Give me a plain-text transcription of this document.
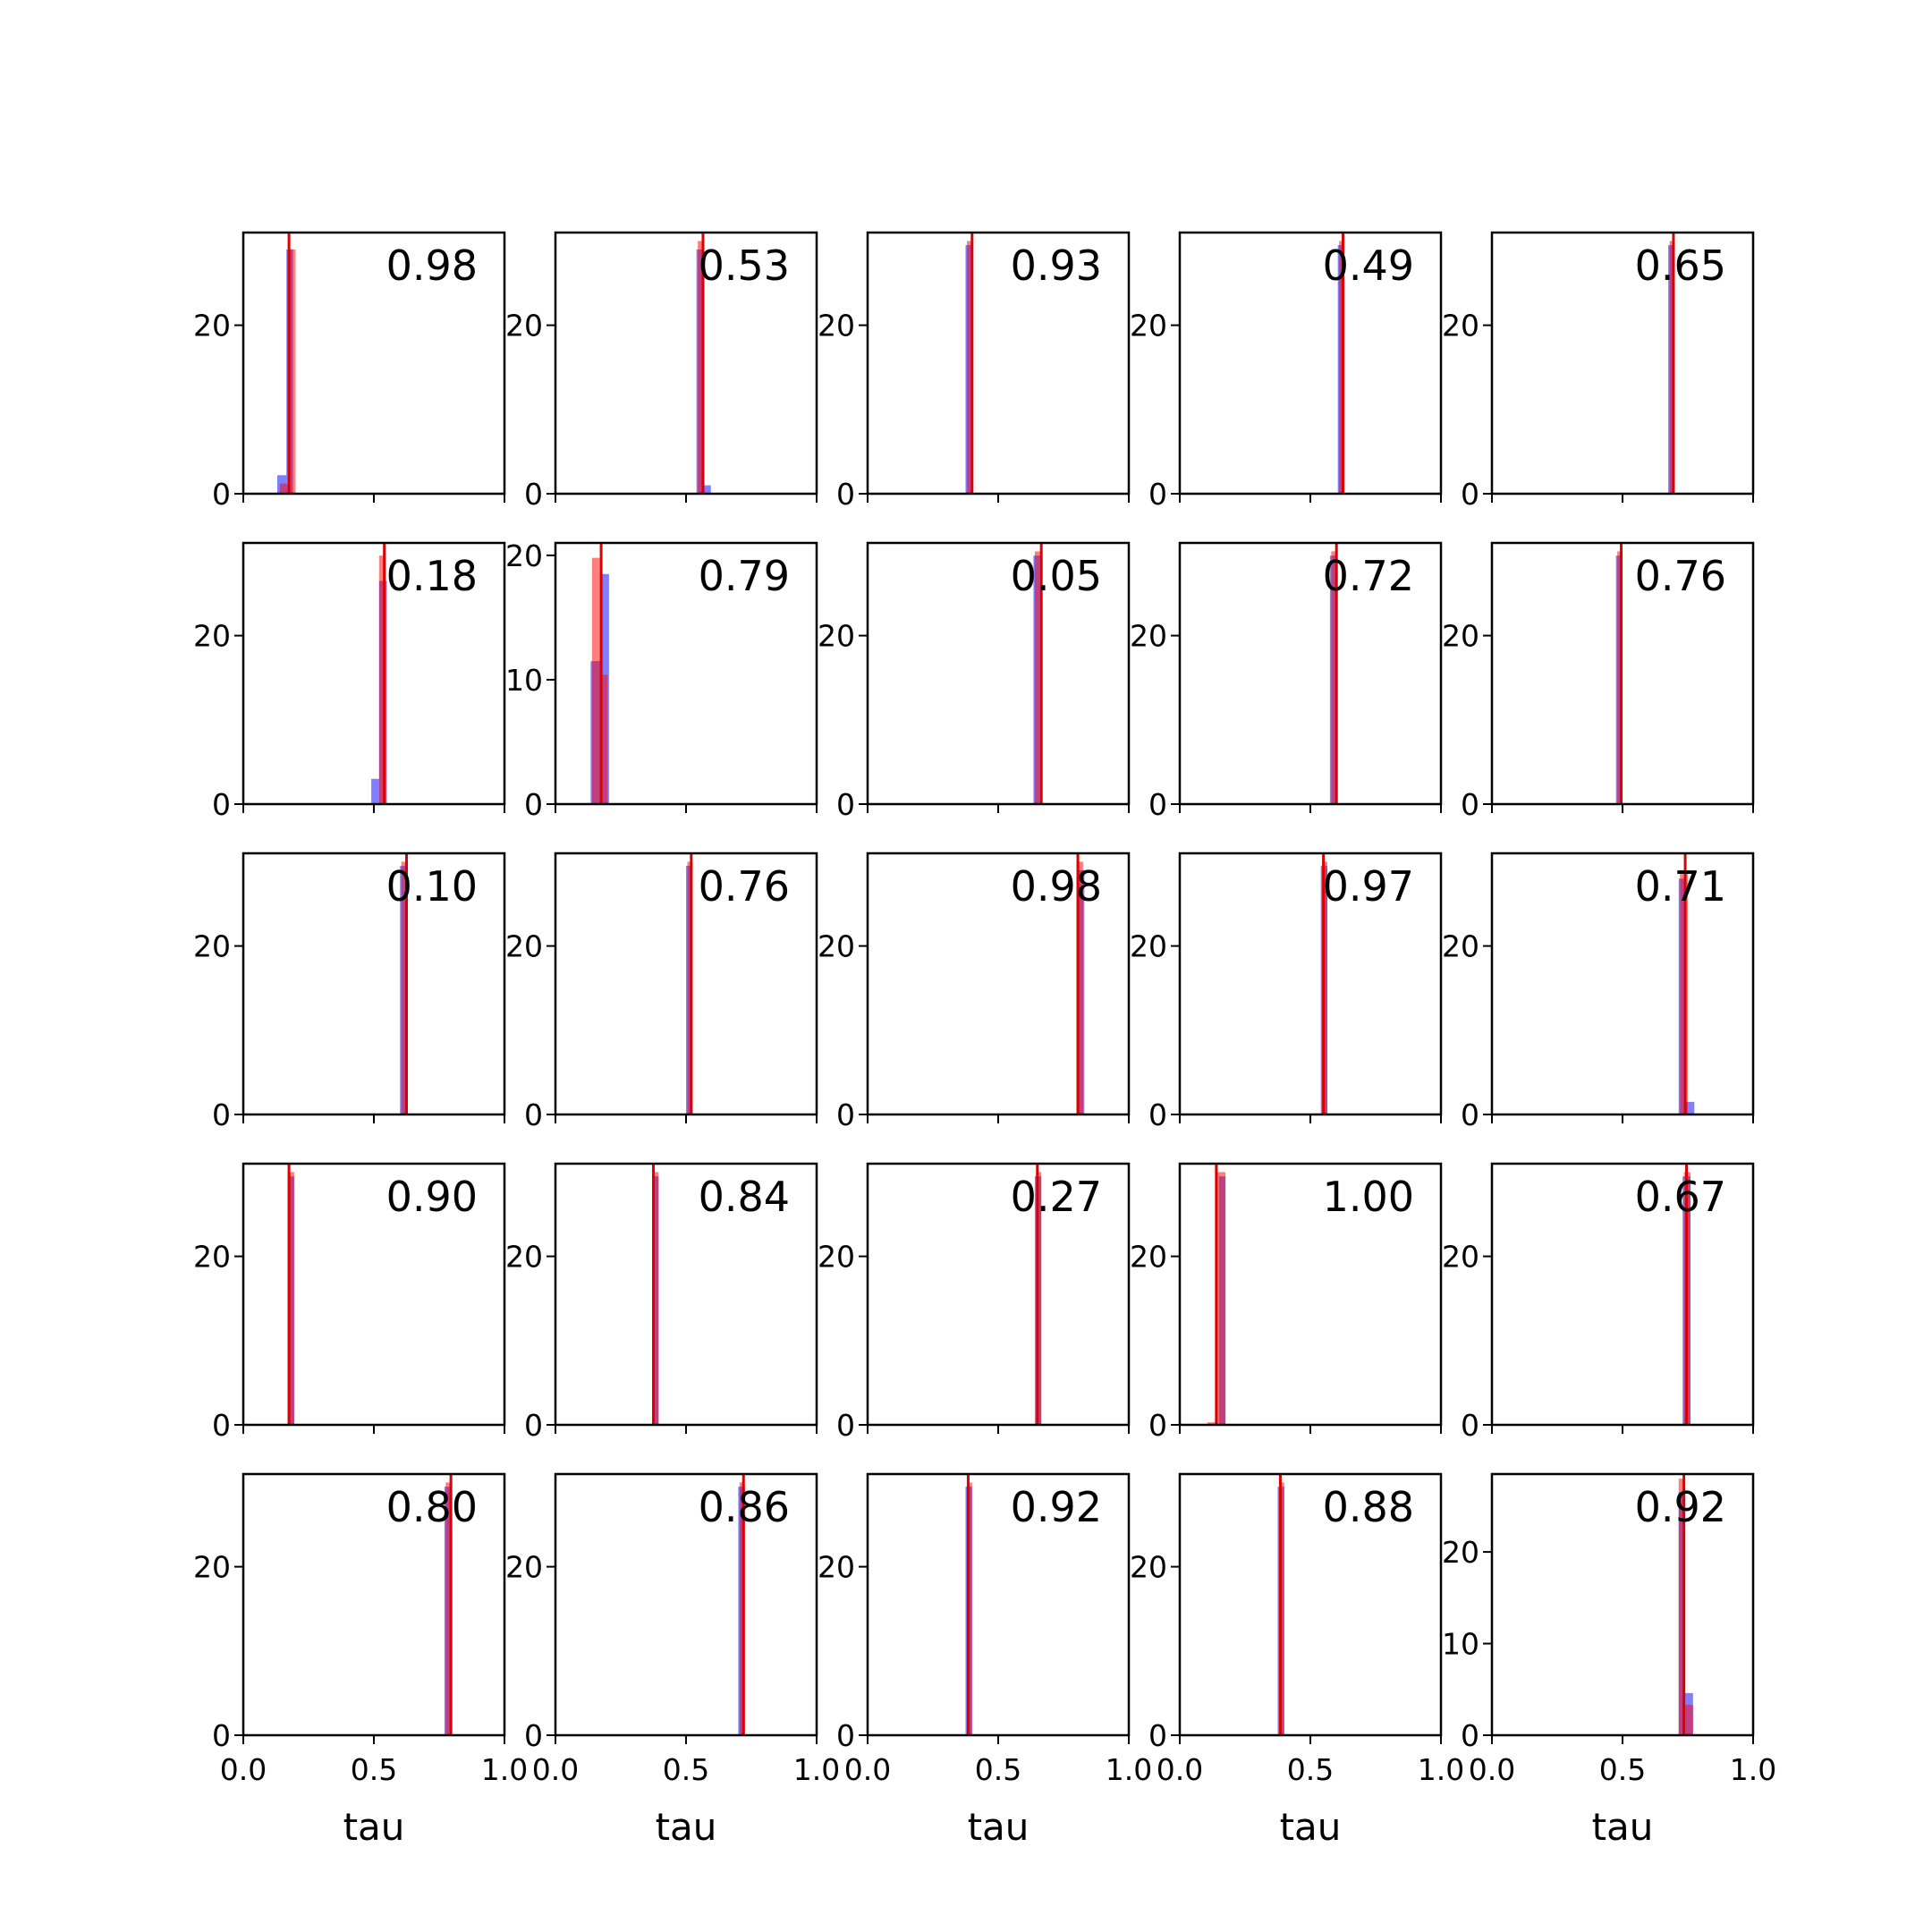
0
20
0.98
0
20
0.53
0
20
0.93
0
20
0.49
0
20
0.65
0
20
0.18
0
10
20	0.79
0
20
0.05
0
20
0.72
0
20
0.76
0
20
0.10
0
20
0.76
0
20
0.98
0
20
0.97
0
20
0.71
0
20
0.90
0
20
0.84
0
20
0.27
0
20
1.00
0
20
0.67
0
20
0.0	0.5	1.0
tau
0.80
0
20
0.0	0.5	1.0
tau
0.86
0
20
0.0	0.5	1.0
tau
0.92
0
20
0.0	0.5	1.0
tau
0.88
0
10
20
0.0	0.5	1.0
tau
0.92
